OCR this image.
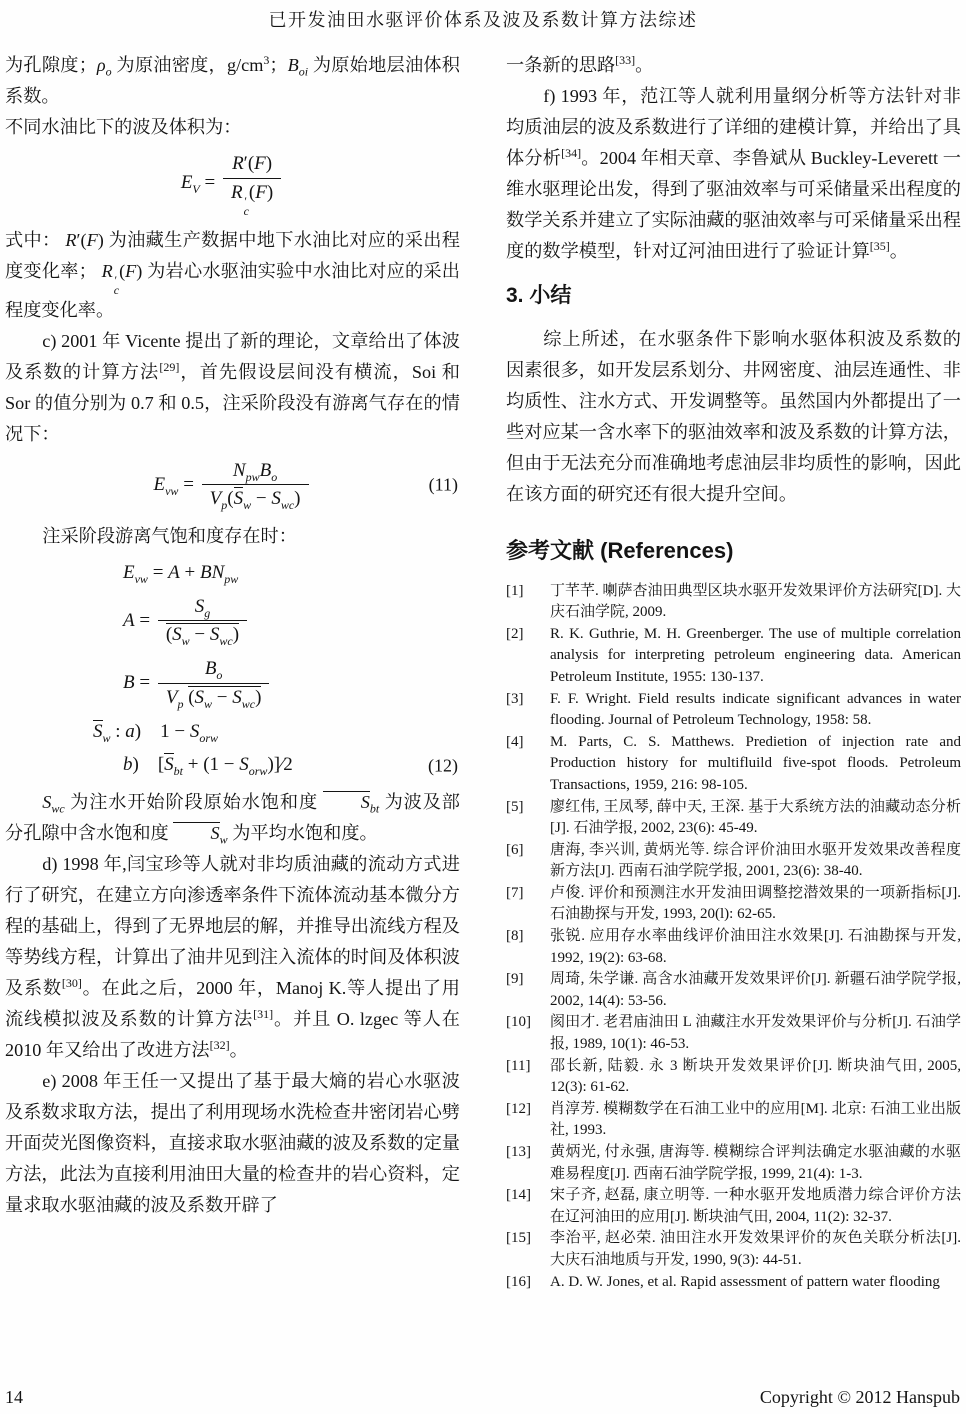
已开发油田水驱评价体系及波及系数计算方法综述

为孔隙度；$\rho_o$ 为原油密度，$g/cm^3$；$B_{oi}$ 为原始地层油体积系数。

不同水油比下的波及体积为：

$E_V = R'(F)$
R ′
c
(F)

式中： R′(F) 为油藏生产数据中地下水油比对应的采出程度变化率； R ′
c
(F) 为岩心水驱油实验中水油比对应的采出程度变化率。

c) 2001 年 Vicente 提出了新的理论，文章给出了体波及系数的计算方法[29]，首先假设层间没有横流，Soi 和 Sor 的值分别为 0.7 和 0.5，注采阶段没有游离气存在的情况下：

$E_{vw} = \frac{N_{pw}B_o}{V_p(S_w - S_{wc})}$	(11)

注采阶段游离气饱和度存在时：

$E_{vw} = A + BN_{pw}$
$A = \frac{S_g}{(S_w - S_{wc})}$
$B = \frac{B_o}{V_p (S_w - S_{wc})}$
$S_w$ : a)　$1 - S_{orw}$
b)　[$S_{bt} + (1$ − $S_{orw})]∕2$	(12)

$S_{wc}$ 为注水开始阶段原始水饱和度 $S_{bt}$ 为波及部分孔隙中含水饱和度 $S_w$ 为平均水饱和度。

d) 1998 年,闫宝珍等人就对非均质油藏的流动方式进行了研究，在建立方向渗透率条件下流体流动基本微分方程的基础上，得到了无界地层的解，并推导出流线方程及等势线方程，计算出了油井见到注入流体的时间及体积波及系数[30]。在此之后，2000 年，Manoj K.等人提出了用流线模拟波及系数的计算方法[31]。并且 O. lzgec 等人在 2010 年又给出了改进方法[32]。

e) 2008 年王任一又提出了基于最大熵的岩心水驱波及系数求取方法，提出了利用现场水洗检查井密闭岩心劈开面荧光图像资料，直接求取水驱油藏的波及系数的定量方法，此法为直接利用油田大量的检查井的岩心资料，定量求取水驱油藏的波及系数开辟了

一条新的思路[33]。

f) 1993 年，范江等人就利用量纲分析等方法针对非均质油层的波及系数进行了详细的建模计算，并给出了具体分析[34]。2004 年相天章、李鲁斌从 Buckley-Leverett 一维水驱理论出发，得到了驱油效率与可采储量采出程度的数学关系并建立了实际油藏的驱油效率与可采储量采出程度的数学模型，针对辽河油田进行了验证计算[35]。

3. 小结

综上所述，在水驱条件下影响水驱体积波及系数的因素很多，如开发层系划分、井网密度、油层连通性、非均质性、注水方式、开发调整等。虽然国内外都提出了一些对应某一含水率下的驱油效率和波及系数的计算方法，但由于无法充分而准确地考虑油层非均质性的影响，因此在该方面的研究还有很大提升空间。

参考文献 (References)
[1]	丁芊芊. 喇萨杏油田典型区块水驱开发效果评价方法研究[D]. 大庆石油学院, 2009.
[2]	R. K. Guthrie, M. H. Greenberger. The use of multiple correlation analysis for interpreting petroleum engineering data. American Petroleum Institute, 1955: 130-137.
[3]	F. F. Wright. Field results indicate significant advances in water flooding. Journal of Petroleum Technology, 1958: 58.
[4]	M. Parts, C. S. Matthews. Predietion of injection rate and Production history for multifluild five-spot floods. Petroleum Transactions, 1959, 216: 98-105.
[5]	廖红伟, 王凤琴, 薛中天, 王深. 基于大系统方法的油藏动态分析[J]. 石油学报, 2002, 23(6): 45-49.
[6]	唐海, 李兴训, 黄炳光等. 综合评价油田水驱开发效果改善程度新方法[J]. 西南石油学院学报, 2001, 23(6): 38-40.
[7]	卢俊. 评价和预测注水开发油田调整挖潜效果的一项新指标[J]. 石油勘探与开发, 1993, 20(l): 62-65.
[8]	张锐. 应用存水率曲线评价油田注水效果[J]. 石油勘探与开发, 1992, 19(2): 63-68.
[9]	周琦, 朱学谦. 高含水油藏开发效果评价[J]. 新疆石油学院学报, 2002, 14(4): 53-56.
[10]	阂田才. 老君庙油田 L 油藏注水开发效果评价与分析[J]. 石油学报, 1989, 10(1): 46-53.
[11]	邵长新, 陆毅. 永 3 断块开发效果评价[J]. 断块油气田, 2005, 12(3): 61-62.
[12]	肖淳芳. 模糊数学在石油工业中的应用[M]. 北京: 石油工业出版社, 1993.
[13]	黄炳光, 付永强, 唐海等. 模糊综合评判法确定水驱油藏的水驱难易程度[J]. 西南石油学院学报, 1999, 21(4): 1-3.
[14]	宋子齐, 赵磊, 康立明等. 一种水驱开发地质潜力综合评价方法在辽河油田的应用[J]. 断块油气田, 2004, 11(2): 32-37.
[15]	李治平, 赵必荣. 油田注水开发效果评价的灰色关联分析法[J]. 大庆石油地质与开发, 1990, 9(3): 44-51.
[16]	A. D. W. Jones, et al. Rapid assessment of pattern water flooding
14	Copyright © 2012 Hanspub
